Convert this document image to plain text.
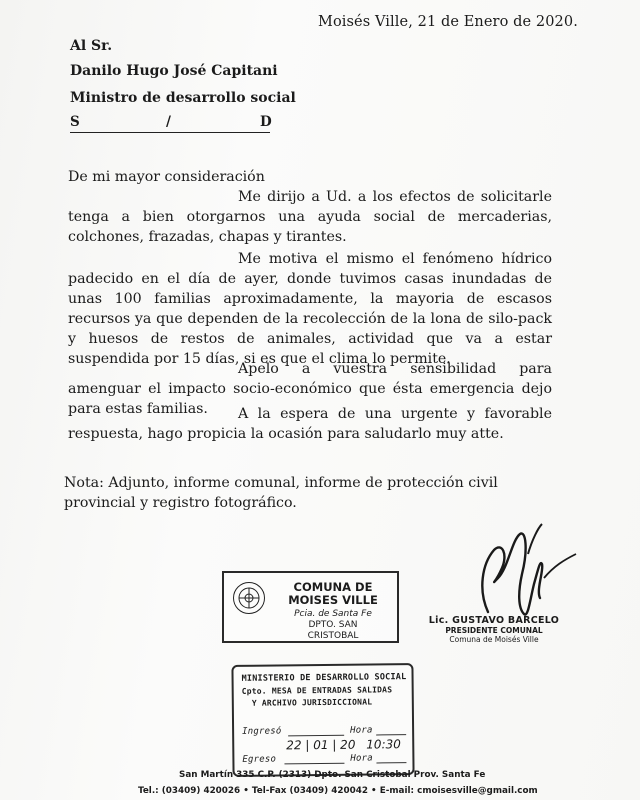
Moisés Ville, 21 de Enero de 2020.
Al Sr.
Danilo Hugo José Capitani
Ministro de desarrollo social
S	/	D
De mi mayor consideración
Me dirijo a Ud. a los efectos de solicitarle tenga a bien otorgarnos una ayuda social de mercaderias, colchones, frazadas, chapas y tirantes.
Me motiva el mismo el fenómeno hídrico padecido en el día de ayer, donde tuvimos casas inundadas de unas 100 familias aproximadamente, la mayoria de escasos recursos ya que dependen de la recolección de la lona de silo-pack y huesos de restos de animales, actividad que va a estar suspendida por 15 días, si es que el clima lo permite.
Apelo a vuestra sensibilidad para amenguar el impacto socio-económico que ésta emergencia dejo para estas familias.	A la espera de una urgente y favorable respuesta, hago propicia la ocasión para saludarlo muy atte.
Nota: Adjunto, informe comunal, informe de protección civil provincial y registro fotográfico.
COMUNA DE
MOISES VILLE
Pcia. de Santa Fe
DPTO. SAN CRISTOBAL
Lic. GUSTAVO BARCELO
PRESIDENTE COMUNAL
Comuna de Moisés Ville
MINISTERIO DE DESARROLLO SOCIAL
Cpto. MESA DE ENTRADAS SALIDAS
Y ARCHIVO JURISDICCIONAL
Ingresó	Hora
22 | 01 | 20 10:30
Egreso	Hora
San Martín 335 C.P. (2313) Dpto. San Cristobal Prov. Santa Fe
Tel.: (03409) 420026 • Tel-Fax (03409) 420042 • E-mail: cmoisesville@gmail.com
